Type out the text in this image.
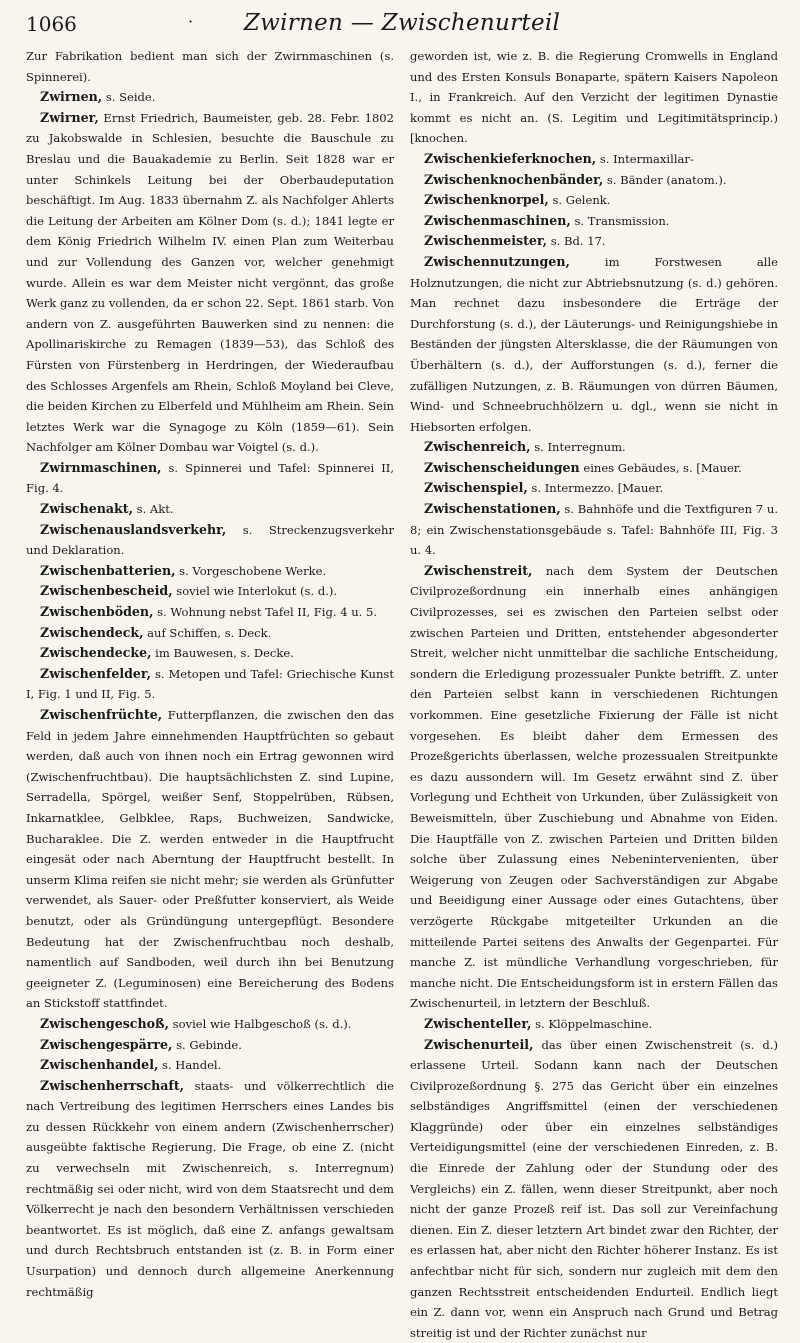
1066	·	Zwirnen — Zwischenurteil

Zur Fabrikation bedient man sich der Zwirnmaschinen (s. Spinnerei).

Zwirnen, s. Seide.

Zwirner, Ernst Friedrich, Baumeister, geb. 28. Febr. 1802 zu Jakobswalde in Schlesien, besuchte die Bauschule zu Breslau und die Bauakademie zu Berlin. Seit 1828 war er unter Schinkels Leitung bei der Oberbaudeputation beschäftigt. Im Aug. 1833 übernahm Z. als Nachfolger Ahlerts die Leitung der Arbeiten am Kölner Dom (s. d.); 1841 legte er dem König Friedrich Wilhelm IV. einen Plan zum Weiterbau und zur Vollendung des Ganzen vor, welcher genehmigt wurde. Allein es war dem Meister nicht vergönnt, das große Werk ganz zu vollenden, da er schon 22. Sept. 1861 starb. Von andern von Z. ausgeführten Bauwerken sind zu nennen: die Apollinariskirche zu Remagen (1839—53), das Schloß des Fürsten von Fürstenberg in Herdringen, der Wiederaufbau des Schlosses Argenfels am Rhein, Schloß Moyland bei Cleve, die beiden Kirchen zu Elberfeld und Mühlheim am Rhein. Sein letztes Werk war die Synagoge zu Köln (1859—61). Sein Nachfolger am Kölner Dombau war Voigtel (s. d.).

Zwirnmaschinen, s. Spinnerei und Tafel: Spinnerei II, Fig. 4.

Zwischenakt, s. Akt.

Zwischenauslandsverkehr, s. Streckenzugsverkehr und Deklaration.

Zwischenbatterien, s. Vorgeschobene Werke.

Zwischenbescheid, soviel wie Interlokut (s. d.).

Zwischenböden, s. Wohnung nebst Tafel II, Fig. 4 u. 5.

Zwischendeck, auf Schiffen, s. Deck.

Zwischendecke, im Bauwesen, s. Decke.

Zwischenfelder, s. Metopen und Tafel: Griechische Kunst I, Fig. 1 und II, Fig. 5.

Zwischenfrüchte, Futterpflanzen, die zwischen den das Feld in jedem Jahre einnehmenden Hauptfrüchten so gebaut werden, daß auch von ihnen noch ein Ertrag gewonnen wird (Zwischenfruchtbau). Die hauptsächlichsten Z. sind Lupine, Serradella, Spörgel, weißer Senf, Stoppelrüben, Rübsen, Inkarnatklee, Gelbklee, Raps, Buchweizen, Sandwicke, Bucharaklee. Die Z. werden entweder in die Hauptfrucht eingesät oder nach Aberntung der Hauptfrucht bestellt. In unserm Klima reifen sie nicht mehr; sie werden als Grünfutter verwendet, als Sauer- oder Preßfutter konserviert, als Weide benutzt, oder als Gründüngung untergepflügt. Besondere Bedeutung hat der Zwischenfruchtbau noch deshalb, namentlich auf Sandboden, weil durch ihn bei Benutzung geeigneter Z. (Leguminosen) eine Bereicherung des Bodens an Stickstoff stattfindet.

Zwischengeschoß, soviel wie Halbgeschoß (s. d.).

Zwischengespärre, s. Gebinde.

Zwischenhandel, s. Handel.

Zwischenherrschaft, staats- und völkerrechtlich die nach Vertreibung des legitimen Herrschers eines Landes bis zu dessen Rückkehr von einem andern (Zwischenherrscher) ausgeübte faktische Regierung. Die Frage, ob eine Z. (nicht zu verwechseln mit Zwischenreich, s. Interregnum) rechtmäßig sei oder nicht, wird von dem Staatsrecht und dem Völkerrecht je nach den besondern Verhältnissen verschieden beantwortet. Es ist möglich, daß eine Z. anfangs gewaltsam und durch Rechtsbruch entstanden ist (z. B. in Form einer Usurpation) und dennoch durch allgemeine Anerkennung rechtmäßig

geworden ist, wie z. B. die Regierung Cromwells in England und des Ersten Konsuls Bonaparte, spätern Kaisers Napoleon I., in Frankreich. Auf den Verzicht der legitimen Dynastie kommt es nicht an. (S. Legitim und Legitimitätsprincip.) [knochen.

Zwischenkieferknochen, s. Intermaxillar-

Zwischenknochenbänder, s. Bänder (anatom.).

Zwischenknorpel, s. Gelenk.

Zwischenmaschinen, s. Transmission.

Zwischenmeister, s. Bd. 17.

Zwischennutzungen, im Forstwesen alle Holznutzungen, die nicht zur Abtriebsnutzung (s. d.) gehören. Man rechnet dazu insbesondere die Erträge der Durchforstung (s. d.), der Läuterungs- und Reinigungshiebe in Beständen der jüngsten Altersklasse, die der Räumungen von Überhältern (s. d.), der Aufforstungen (s. d.), ferner die zufälligen Nutzungen, z. B. Räumungen von dürren Bäumen, Wind- und Schneebruchhölzern u. dgl., wenn sie nicht in Hiebsorten erfolgen.

Zwischenreich, s. Interregnum.

Zwischenscheidungen eines Gebäudes, s. [Mauer.

Zwischenspiel, s. Intermezzo. [Mauer.

Zwischenstationen, s. Bahnhöfe und die Textfiguren 7 u. 8; ein Zwischenstationsgebäude s. Tafel: Bahnhöfe III, Fig. 3 u. 4.

Zwischenstreit, nach dem System der Deutschen Civilprozeßordnung ein innerhalb eines anhängigen Civilprozesses, sei es zwischen den Parteien selbst oder zwischen Parteien und Dritten, entstehender abgesonderter Streit, welcher nicht unmittelbar die sachliche Entscheidung, sondern die Erledigung prozessualer Punkte betrifft. Z. unter den Parteien selbst kann in verschiedenen Richtungen vorkommen. Eine gesetzliche Fixierung der Fälle ist nicht vorgesehen. Es bleibt daher dem Ermessen des Prozeßgerichts überlassen, welche prozessualen Streitpunkte es dazu aussondern will. Im Gesetz erwähnt sind Z. über Vorlegung und Echtheit von Urkunden, über Zulässigkeit von Beweismitteln, über Zuschiebung und Abnahme von Eiden. Die Hauptfälle von Z. zwischen Parteien und Dritten bilden solche über Zulassung eines Nebenintervenienten, über Weigerung von Zeugen oder Sachverständigen zur Abgabe und Beeidigung einer Aussage oder eines Gutachtens, über verzögerte Rückgabe mitgeteilter Urkunden an die mitteilende Partei seitens des Anwalts der Gegenpartei. Für manche Z. ist mündliche Verhandlung vorgeschrieben, für manche nicht. Die Entscheidungsform ist in erstern Fällen das Zwischenurteil, in letztern der Beschluß.

Zwischenteller, s. Klöppelmaschine.

Zwischenurteil, das über einen Zwischenstreit (s. d.) erlassene Urteil. Sodann kann nach der Deutschen Civilprozeßordnung §. 275 das Gericht über ein einzelnes selbständiges Angriffsmittel (einen der verschiedenen Klaggründe) oder über ein einzelnes selbständiges Verteidigungsmittel (eine der verschiedenen Einreden, z. B. die Einrede der Zahlung oder der Stundung oder des Vergleichs) ein Z. fällen, wenn dieser Streitpunkt, aber noch nicht der ganze Prozeß reif ist. Das soll zur Vereinfachung dienen. Ein Z. dieser letztern Art bindet zwar den Richter, der es erlassen hat, aber nicht den Richter höherer Instanz. Es ist anfechtbar nicht für sich, sondern nur zugleich mit dem den ganzen Rechtsstreit entscheidenden Endurteil. Endlich liegt ein Z. dann vor, wenn ein Anspruch nach Grund und Betrag streitig ist und der Richter zunächst nur
